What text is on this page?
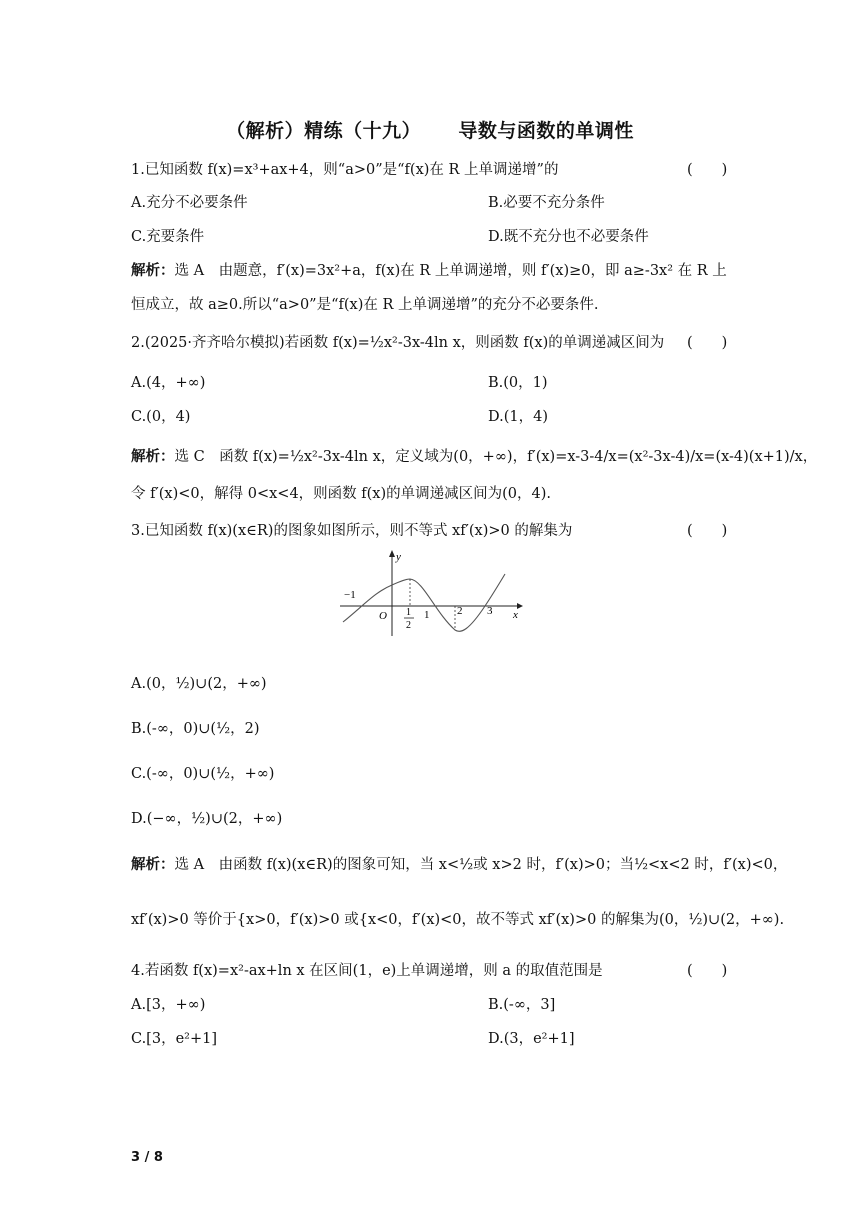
（解析）精练（十九） 导数与函数的单调性
1.已知函数 f(x)=x³+ax+4，则“a>0”是“f(x)在 R 上单调递增”的	(　　)
A.充分不必要条件	B.必要不充分条件
C.充要条件	D.既不充分也不必要条件
解析：选 A　由题意，f′(x)=3x²+a，f(x)在 R 上单调递增，则 f′(x)≥0，即 a≥-3x² 在 R 上
恒成立，故 a≥0.所以“a>0”是“f(x)在 R 上单调递增”的充分不必要条件.
2.(2025·齐齐哈尔模拟)若函数 f(x)=½x²-3x-4ln x，则函数 f(x)的单调递减区间为 (　　)
A.(4，+∞)	B.(0，1)
C.(0，4)	D.(1，4)
解析：选 C　函数 f(x)=½x²-3x-4ln x，定义域为(0，+∞)，f′(x)=x-3-4/x=(x²-3x-4)/x=(x-4)(x+1)/x，
令 f′(x)<0，解得 0<x<4，则函数 f(x)的单调递减区间为(0，4).
3.已知函数 f(x)(x∈R)的图象如图所示，则不等式 xf′(x)>0 的解集为	(　　)
−1
O
y
x
1
2
1	2 3
A.(0，½)∪(2，+∞)
B.(-∞，0)∪(½，2)
C.(-∞，0)∪(½，+∞)
D.(−∞，½)∪(2，+∞)
解析：选 A　由函数 f(x)(x∈R)的图象可知，当 x<½或 x>2 时，f′(x)>0；当½<x<2 时，f′(x)<0，
xf′(x)>0 等价于{x>0，f′(x)>0 或{x<0，f′(x)<0，故不等式 xf′(x)>0 的解集为(0，½)∪(2，+∞).
4.若函数 f(x)=x²-ax+ln x 在区间(1，e)上单调递增，则 a 的取值范围是	(　　)
A.[3，+∞)	B.(-∞，3]
C.[3，e²+1]	D.(3，e²+1]
3 / 8
